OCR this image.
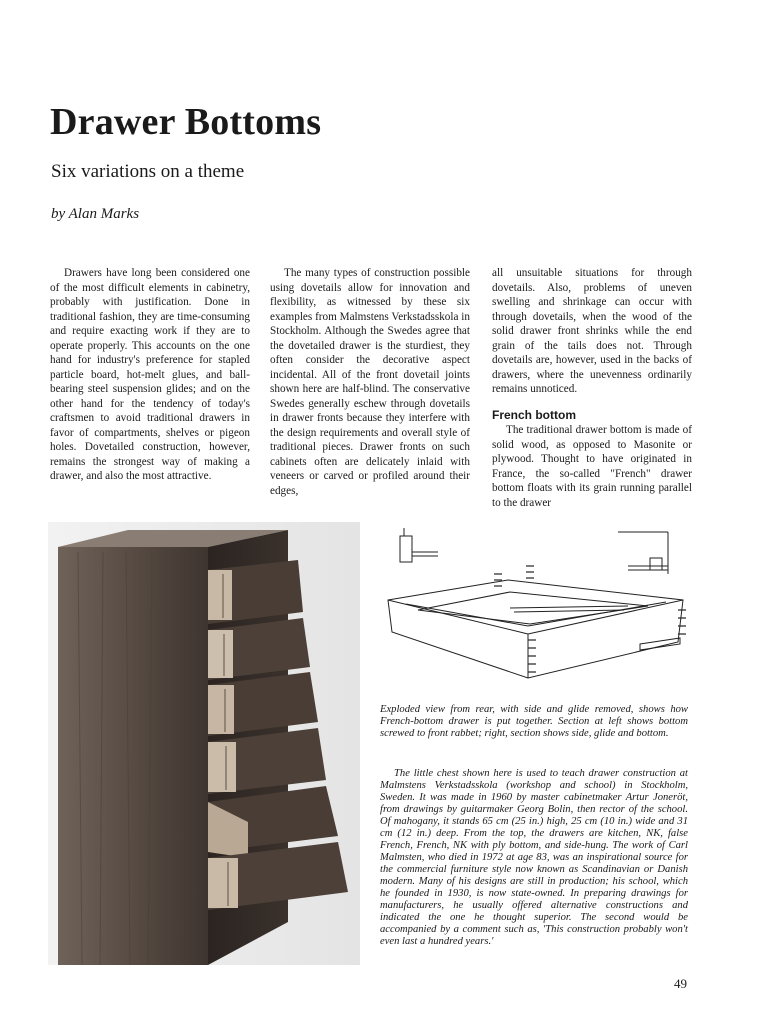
Drawer Bottoms
Six variations on a theme

by Alan Marks

Drawers have long been considered one of the most difficult elements in cabinetry, probably with justification. Done in traditional fashion, they are time-consuming and require exacting work if they are to operate properly. This accounts on the one hand for industry's preference for stapled particle board, hot-melt glues, and ball-bearing steel suspension glides; and on the other hand for the tendency of today's craftsmen to avoid traditional drawers in favor of compartments, shelves or pigeon holes. Dovetailed construction, however, remains the strongest way of making a drawer, and also the most attractive.

The many types of construction possible using dovetails allow for innovation and flexibility, as witnessed by these six examples from Malmstens Verkstadsskola in Stockholm. Although the Swedes agree that the dovetailed drawer is the sturdiest, they often consider the decorative aspect incidental. All of the front dovetail joints shown here are half-blind. The conservative Swedes generally eschew through dovetails in drawer fronts because they interfere with the design requirements and overall style of traditional pieces. Drawer fronts on such cabinets often are delicately inlaid with veneers or carved or profiled around their edges,

all unsuitable situations for through dovetails. Also, problems of uneven swelling and shrinkage can occur with through dovetails, when the wood of the solid drawer front shrinks while the end grain of the tails does not. Through dovetails are, however, used in the backs of drawers, where the unevenness ordinarily remains unnoticed.

French bottom

The traditional drawer bottom is made of solid wood, as opposed to Masonite or plywood. Thought to have originated in France, the so-called "French" drawer bottom floats with its grain running parallel to the drawer

Exploded view from rear, with side and glide removed, shows how French-bottom drawer is put together. Section at left shows bottom screwed to front rabbet; right, section shows side, glide and bottom.

The little chest shown here is used to teach drawer construction at Malmstens Verkstadsskola (workshop and school) in Stockholm, Sweden. It was made in 1960 by master cabinetmaker Artur Joneröt, from drawings by guitarmaker Georg Bolin, then rector of the school. Of mahogany, it stands 65 cm (25 in.) high, 25 cm (10 in.) wide and 31 cm (12 in.) deep. From the top, the drawers are kitchen, NK, false French, French, NK with ply bottom, and side-hung. The work of Carl Malmsten, who died in 1972 at age 83, was an inspirational source for the commercial furniture style now known as Scandinavian or Danish modern. Many of his designs are still in production; his school, which he founded in 1930, is now state-owned. In preparing drawings for manufacturers, he usually offered alternative constructions and indicated the one he thought superior. The second would be accompanied by a comment such as, 'This construction probably won't even last a hundred years.'

49
